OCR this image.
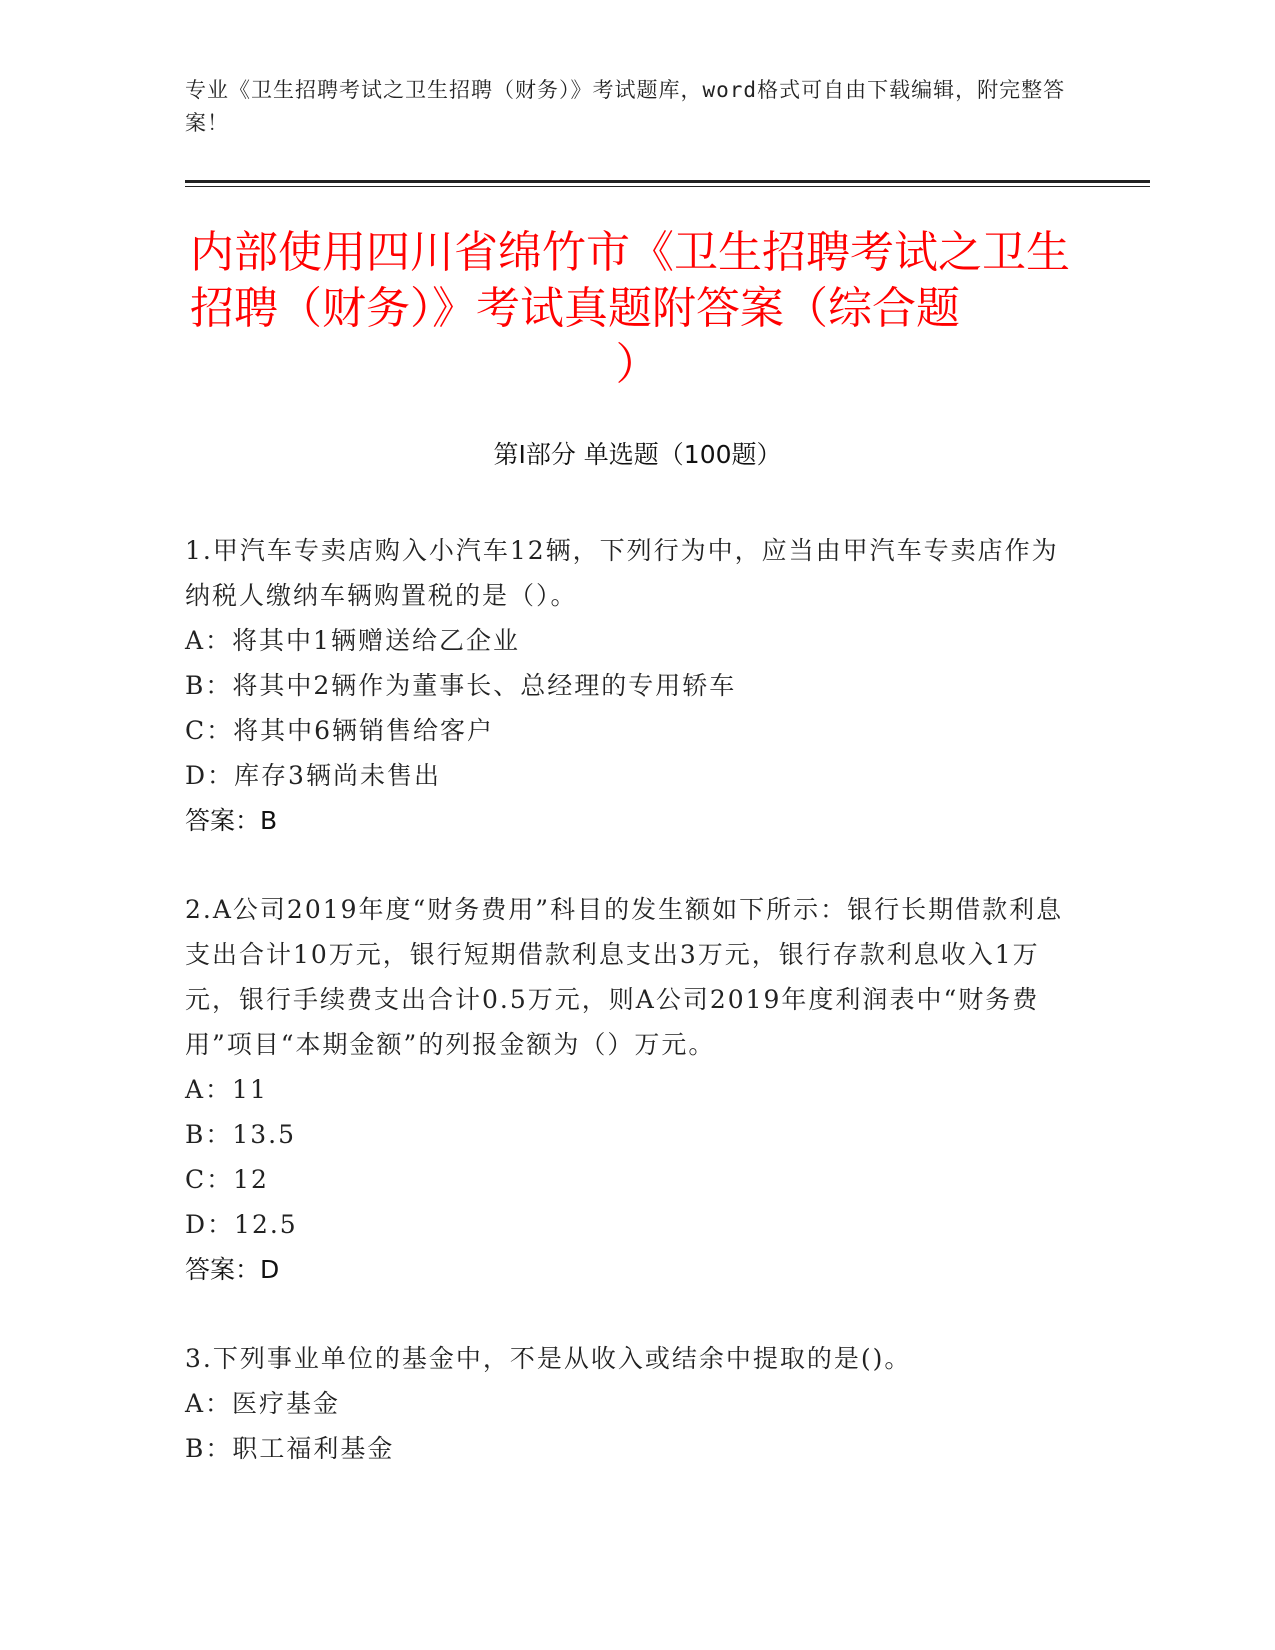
专业《卫生招聘考试之卫生招聘（财务）》考试题库，word格式可自由下载编辑，附完整答案！
内部使用四川省绵竹市《卫生招聘考试之卫生招聘（财务）》考试真题附答案（综合题
）
第I部分 单选题（100题）
1.甲汽车专卖店购入小汽车12辆，下列行为中，应当由甲汽车专卖店作为纳税人缴纳车辆购置税的是（）。
A：将其中1辆赠送给乙企业
B：将其中2辆作为董事长、总经理的专用轿车
C：将其中6辆销售给客户
D：库存3辆尚未售出
答案：B
2.A公司2019年度“财务费用”科目的发生额如下所示：银行长期借款利息支出合计10万元，银行短期借款利息支出3万元，银行存款利息收入1万元，银行手续费支出合计0.5万元，则A公司2019年度利润表中“财务费用”项目“本期金额”的列报金额为（）万元。
A：11
B：13.5
C：12
D：12.5
答案：D
3.下列事业单位的基金中，不是从收入或结余中提取的是()。
A：医疗基金
B：职工福利基金
